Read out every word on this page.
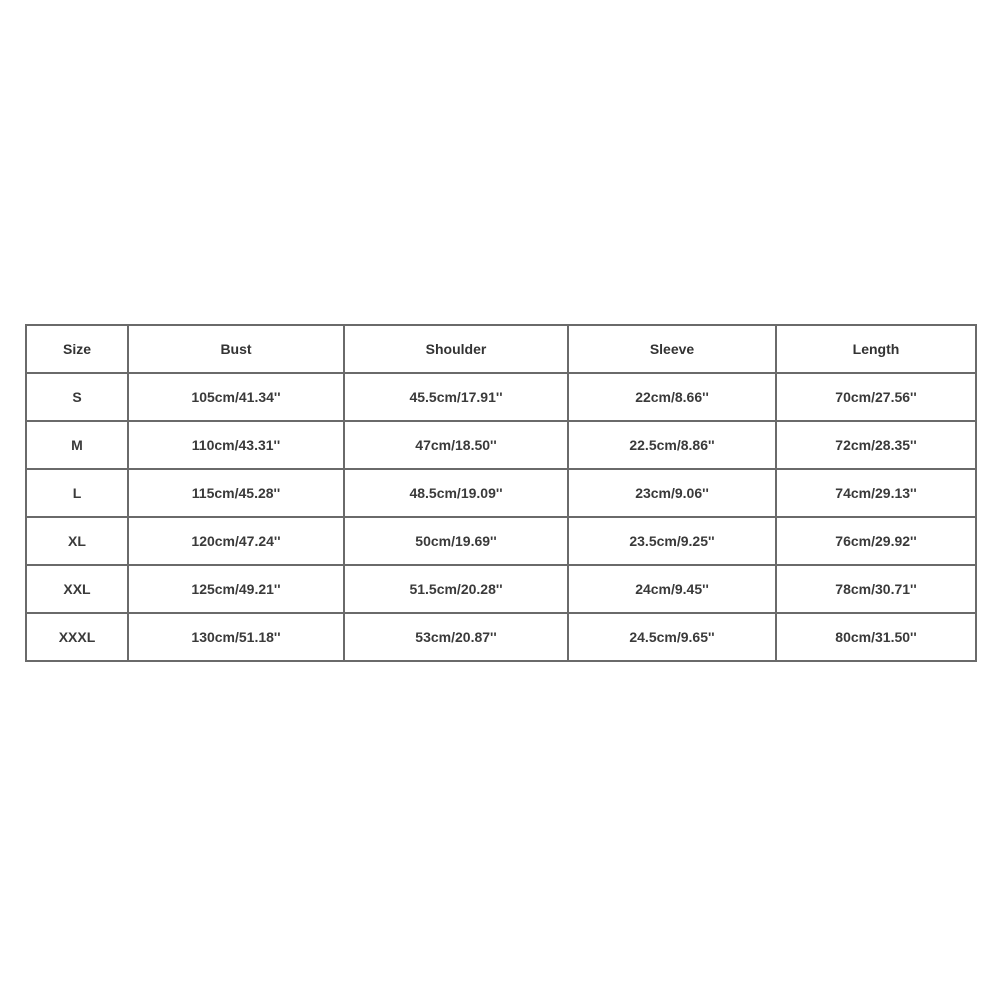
Size	Bust	Shoulder	Sleeve	Length
S	105cm/41.34''	45.5cm/17.91''	22cm/8.66''	70cm/27.56''
M	110cm/43.31''	47cm/18.50''	22.5cm/8.86''	72cm/28.35''
L	115cm/45.28''	48.5cm/19.09''	23cm/9.06''	74cm/29.13''
XL	120cm/47.24''	50cm/19.69''	23.5cm/9.25''	76cm/29.92''
XXL	125cm/49.21''	51.5cm/20.28''	24cm/9.45''	78cm/30.71''
XXXL	130cm/51.18''	53cm/20.87''	24.5cm/9.65''	80cm/31.50''
